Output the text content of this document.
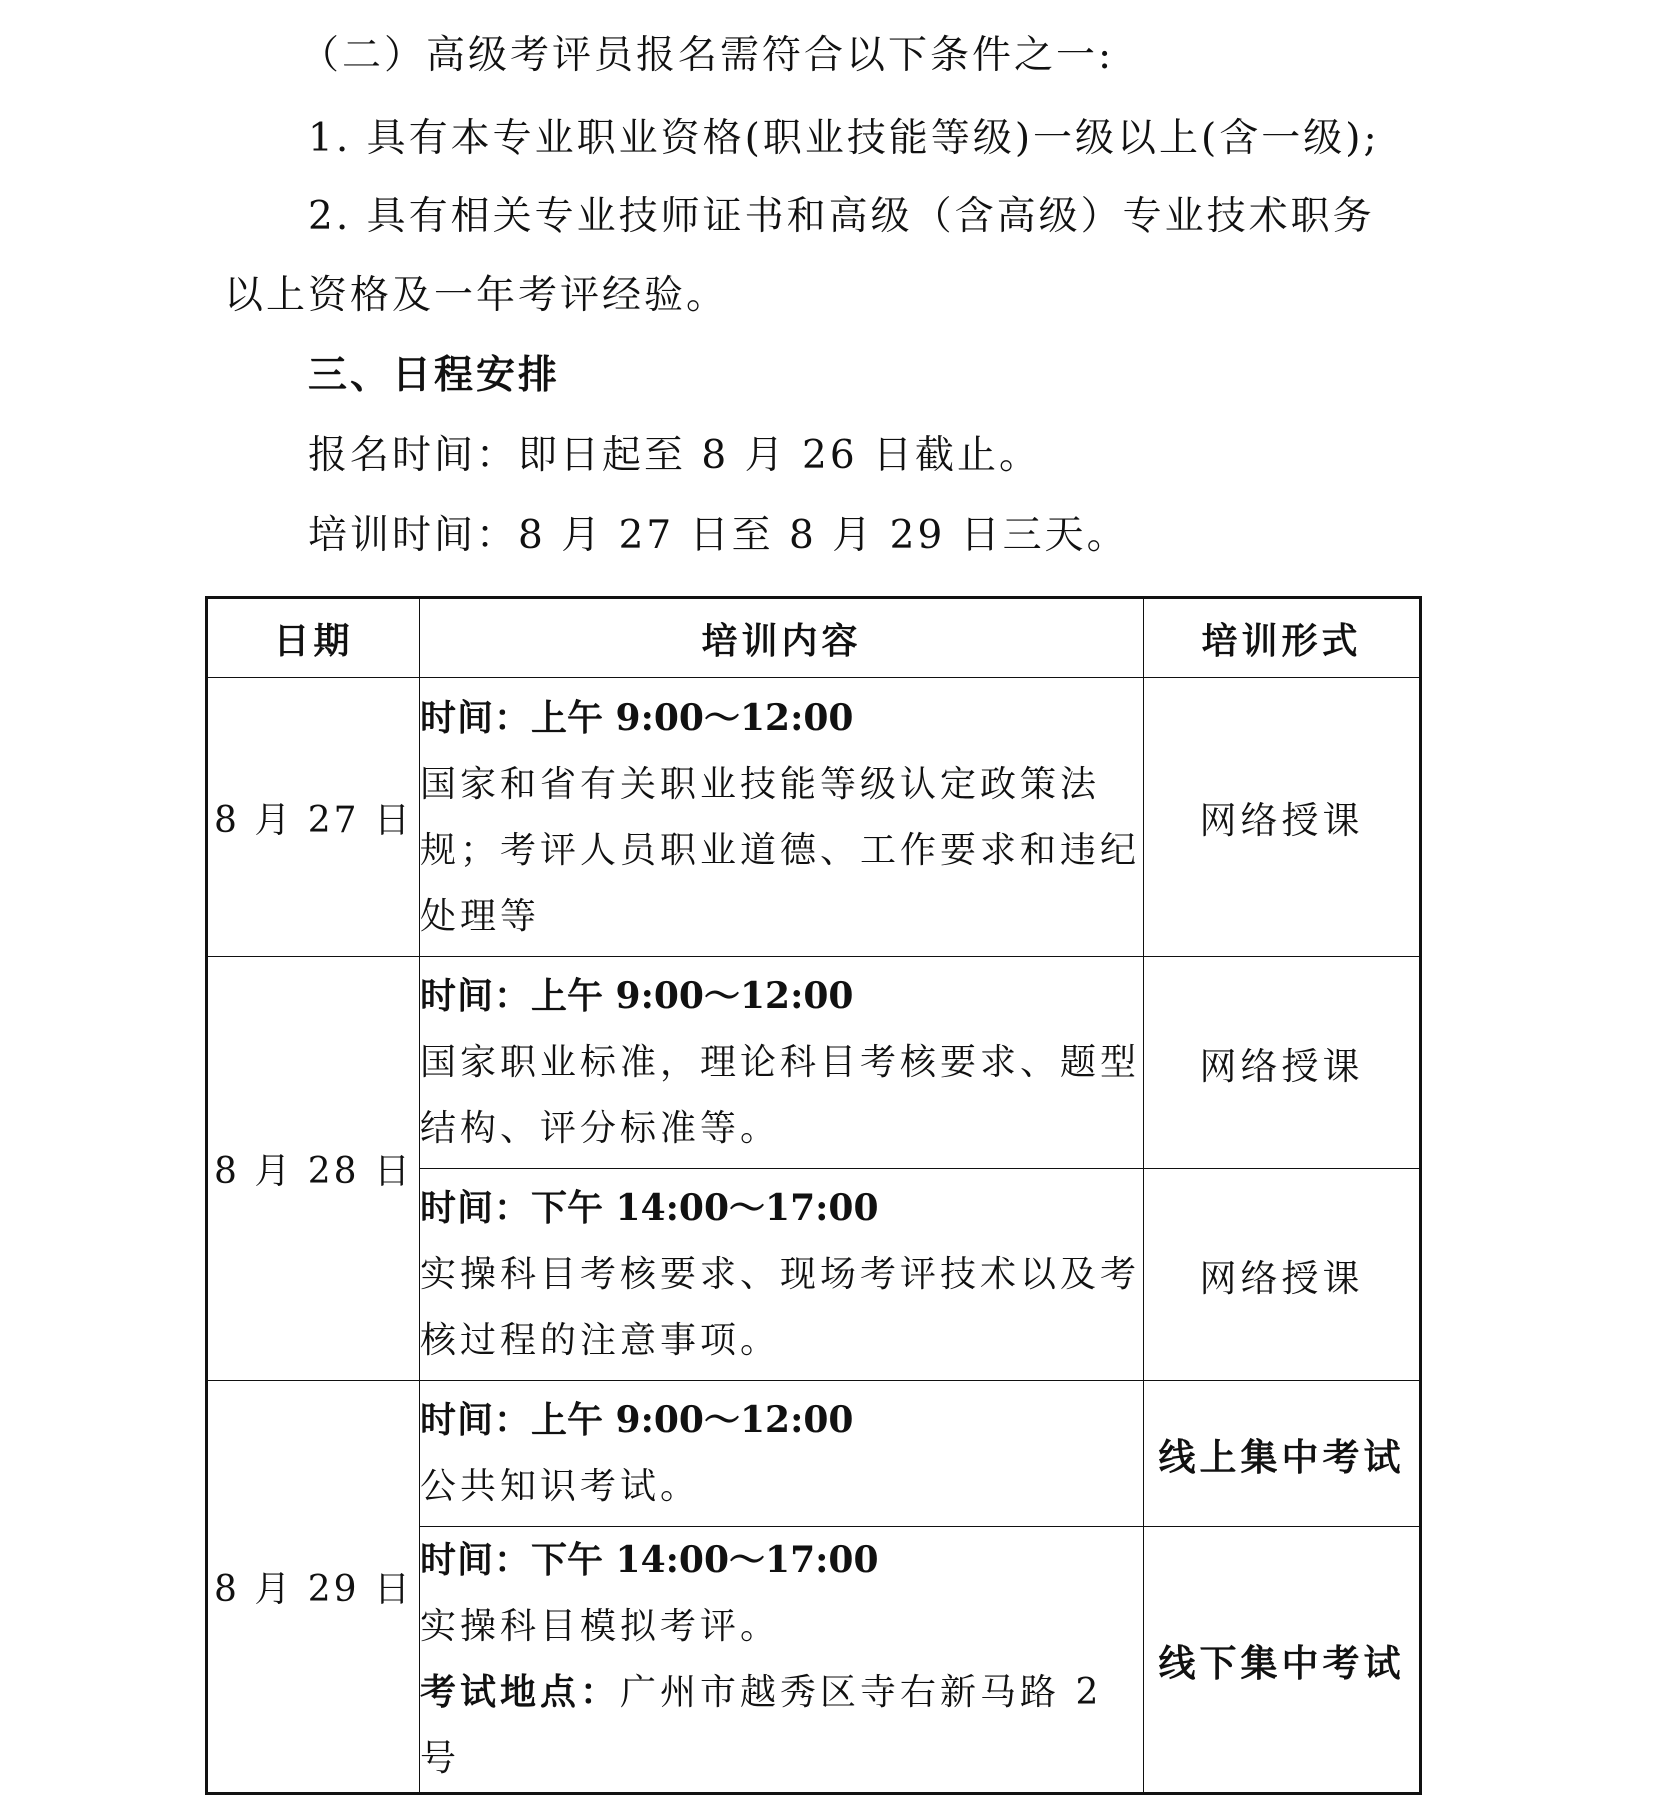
（二）高级考评员报名需符合以下条件之一:
1. 具有本专业职业资格(职业技能等级)一级以上(含一级);
2. 具有相关专业技师证书和高级（含高级）专业技术职务
以上资格及一年考评经验。
三、日程安排
报名时间：即日起至 8 月 26 日截止。
培训时间：8 月 27 日至 8 月 29 日三天。
日期	培训内容	培训形式
8 月 27 日	时间：上午 9:00～12:00
国家和省有关职业技能等级认定政策法
规；考评人员职业道德、工作要求和违纪
处理等	网络授课
8 月 28 日	时间：上午 9:00～12:00
国家职业标准，理论科目考核要求、题型
结构、评分标准等。	网络授课
	时间：下午 14:00～17:00
实操科目考核要求、现场考评技术以及考
核过程的注意事项。	网络授课
8 月 29 日	时间：上午 9:00～12:00
公共知识考试。	线上集中考试
	时间：下午 14:00～17:00
实操科目模拟考评。
考试地点：广州市越秀区寺右新马路 2 号	线下集中考试
